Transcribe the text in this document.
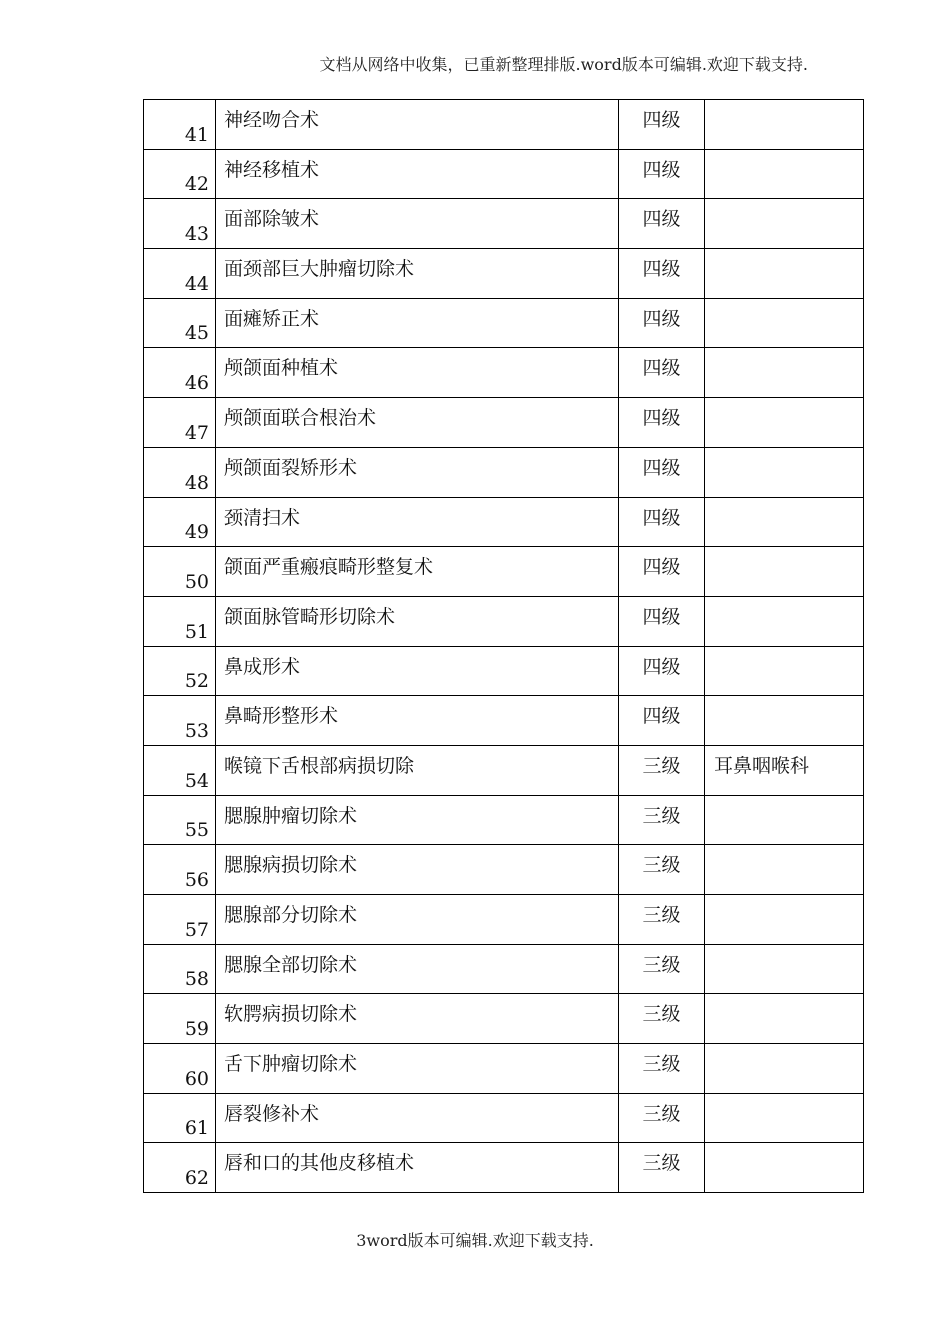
文档从网络中收集，已重新整理排版.word版本可编辑.欢迎下载支持.
41	神经吻合术	四级	
42	神经移植术	四级	
43	面部除皱术	四级	
44	面颈部巨大肿瘤切除术	四级	
45	面瘫矫正术	四级	
46	颅颌面种植术	四级	
47	颅颌面联合根治术	四级	
48	颅颌面裂矫形术	四级	
49	颈清扫术	四级	
50	颌面严重瘢痕畸形整复术	四级	
51	颌面脉管畸形切除术	四级	
52	鼻成形术	四级	
53	鼻畸形整形术	四级	
54	喉镜下舌根部病损切除	三级	耳鼻咽喉科
55	腮腺肿瘤切除术	三级	
56	腮腺病损切除术	三级	
57	腮腺部分切除术	三级	
58	腮腺全部切除术	三级	
59	软腭病损切除术	三级	
60	舌下肿瘤切除术	三级	
61	唇裂修补术	三级	
62	唇和口的其他皮移植术	三级	
3word版本可编辑.欢迎下载支持.
